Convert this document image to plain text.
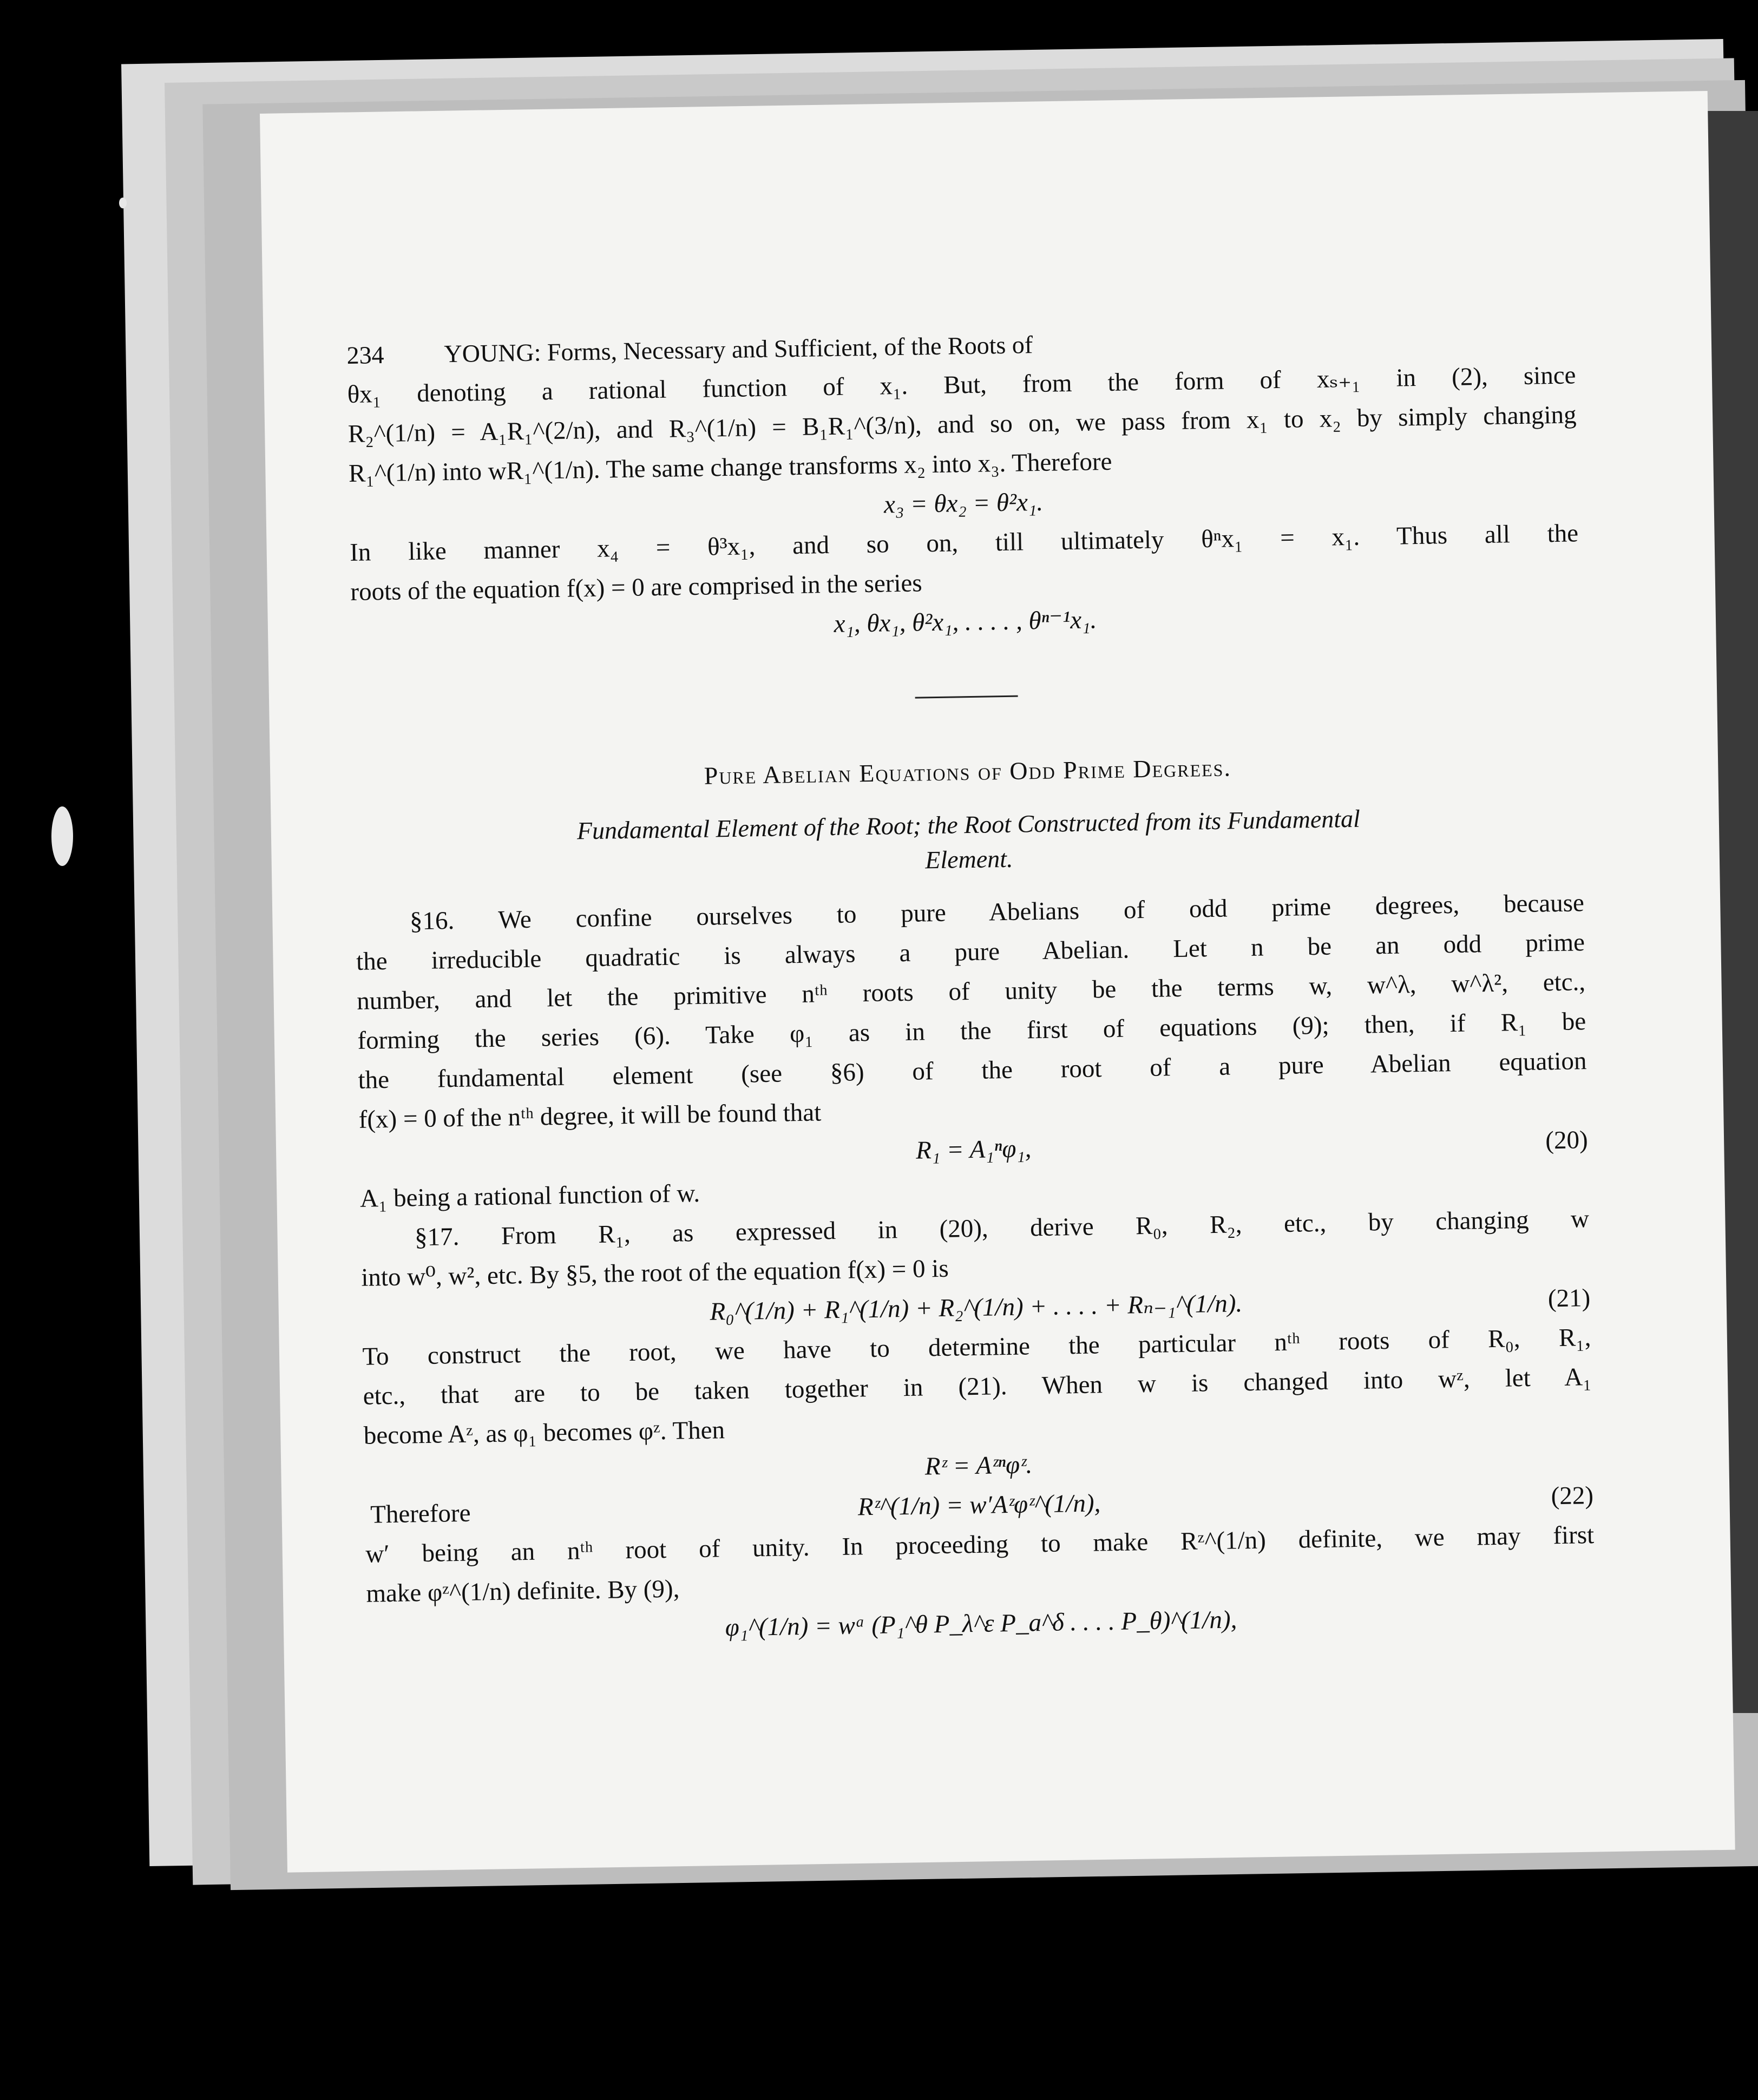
234	YOUNG: Forms, Necessary and Sufficient, of the Roots of
θx₁ denoting a rational function of x₁. But, from the form of xₛ₊₁ in (2), since
R₂^(1/n) = A₁R₁^(2/n), and R₃^(1/n) = B₁R₁^(3/n), and so on, we pass from x₁ to x₂ by simply changing
R₁^(1/n) into wR₁^(1/n). The same change transforms x₂ into x₃. Therefore
x₃ = θx₂ = θ²x₁.
In like manner x₄ = θ³x₁, and so on, till ultimately θⁿx₁ = x₁. Thus all the
roots of the equation f(x) = 0 are comprised in the series
x₁, θx₁, θ²x₁, . . . . , θⁿ⁻¹x₁.
Pure Abelian Equations of Odd Prime Degrees.
Fundamental Element of the Root; the Root Constructed from its Fundamental
Element.
§16. We confine ourselves to pure Abelians of odd prime degrees, because
the irreducible quadratic is always a pure Abelian. Let n be an odd prime
number, and let the primitive nᵗʰ roots of unity be the terms w, w^λ, w^λ², etc.,
forming the series (6). Take φ₁ as in the first of equations (9); then, if R₁ be
the fundamental element (see §6) of the root of a pure Abelian equation
f(x) = 0 of the nᵗʰ degree, it will be found that
R₁ = A₁ⁿφ₁,	(20)
A₁ being a rational function of w.
§17. From R₁, as expressed in (20), derive R₀, R₂, etc., by changing w
into w⁰, w², etc. By §5, the root of the equation f(x) = 0 is
R₀^(1/n) + R₁^(1/n) + R₂^(1/n) + . . . . + Rₙ₋₁^(1/n).	(21)
To construct the root, we have to determine the particular nᵗʰ roots of R₀, R₁,
etc., that are to be taken together in (21). When w is changed into wᶻ, let A₁
become Aᶻ, as φ₁ becomes φᶻ. Then
Rᶻ = Aᶻⁿφᶻ.
Therefore	Rᶻ^(1/n) = w′Aᶻφᶻ^(1/n),	(22)
w′ being an nᵗʰ root of unity. In proceeding to make Rᶻ^(1/n) definite, we may first
make φᶻ^(1/n) definite. By (9),
φ₁^(1/n) = wᵃ (P₁^θ P_λ^ε P_a^δ . . . . P_θ)^(1/n),
